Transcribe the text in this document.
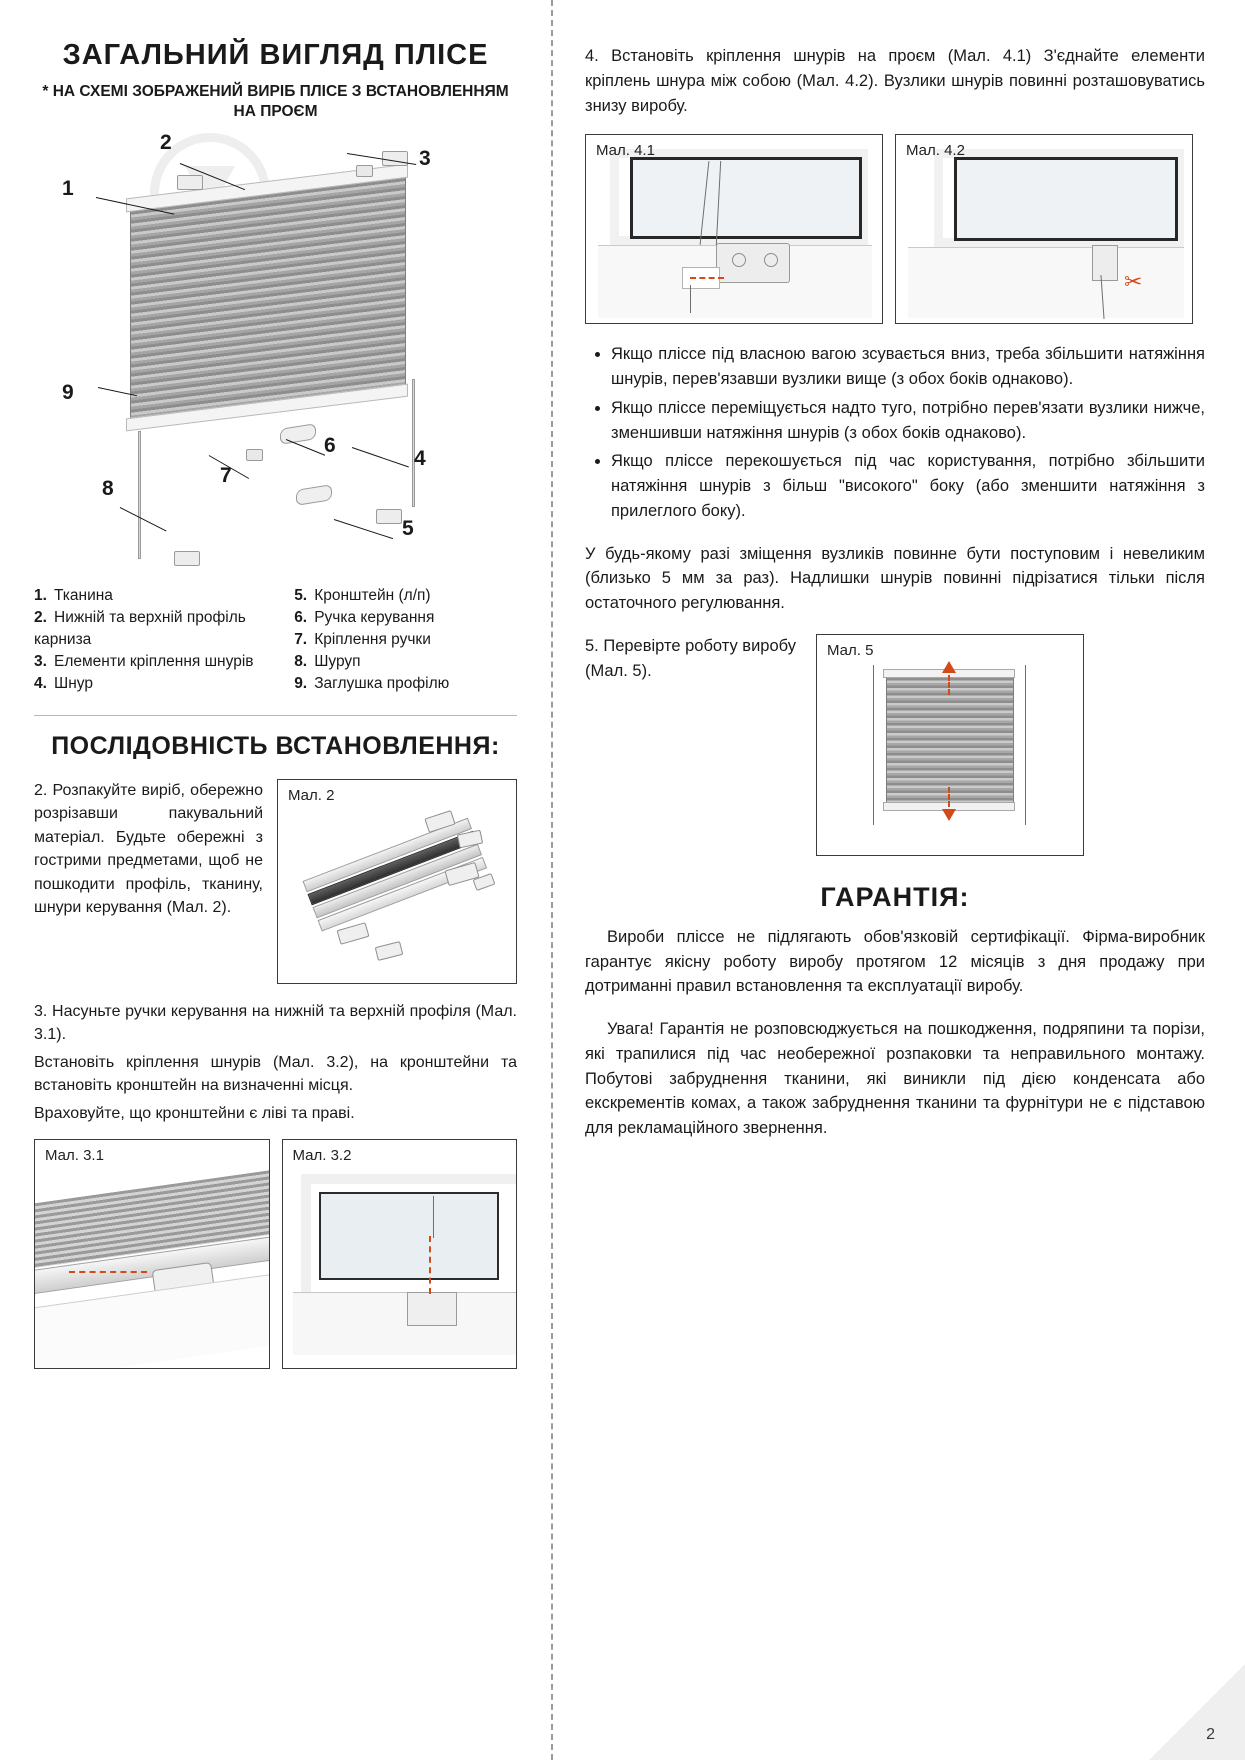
ЗАГАЛЬНИЙ ВИГЛЯД ПЛІСЕ
* НА СХЕМІ ЗОБРАЖЕНИЙ ВИРІБ ПЛІСЕ З ВСТАНОВЛЕННЯМ НА ПРОЄМ
1
2
3
4
5
6
7
8
9
1. Тканина
2. Нижній та верхній профіль карниза
3. Елементи кріплення шнурів
4. Шнур
5. Кронштейн (л/п)
6. Ручка керування
7. Кріплення ручки
8. Шуруп
9. Заглушка профілю
ПОСЛІДОВНІСТЬ ВСТАНОВЛЕННЯ:

2. Розпакуйте виріб, обережно розрізавши пакувальний матеріал. Будьте обережні з гострими предметами, щоб не пошкодити профіль, тканину, шнури керування (Мал. 2).

Мал. 2

3. Насуньте ручки керування на нижній та верхній профіля (Мал. 3.1).

Встановіть кріплення шнурів (Мал. 3.2), на кронштейни та встановіть кронштейн на визначенні місця.

Враховуйте, що кронштейни є ліві та праві.

Мал. 3.1	Мал. 3.2

4. Встановіть кріплення шнурів на проєм (Мал. 4.1) З'єднайте елементи кріплень шнура між собою (Мал. 4.2). Вузлики шнурів повинні розташовуватись знизу виробу.

Мал. 4.1	Мал. 4.2
✂
• Якщо пліссе під власною вагою зсувається вниз, треба збільшити натяжіння шнурів, перев'язавши вузлики вище (з обох боків однаково).
• Якщо пліссе переміщується надто туго, потрібно перев'язати вузлики нижче, зменшивши натяжіння шнурів (з обох боків однаково).
• Якщо пліссе перекошується під час користування, потрібно збільшити натяжіння шнурів з більш "високого" боку (або зменшити натяжіння з прилеглого боку).

У будь-якому разі зміщення вузликів повинне бути поступовим і невеликим (близько 5 мм за раз). Надлишки шнурів повинні підрізатися тільки після остаточного регулювання.

5. Перевірте роботу виробу (Мал. 5).
Мал. 5
ГАРАНТІЯ:

Вироби пліссе не підлягають обов'язковій сертифікації. Фірма-виробник гарантує якісну роботу виробу протягом 12 місяців з дня продажу при дотриманні правил встановлення та експлуатації виробу.

Увага! Гарантія не розповсюджується на пошкодження, подряпини та порізи, які трапилися під час необережної розпаковки та неправильного монтажу. Побутові забруднення тканини, які виникли під дією конденсата або екскрементів комах, а також забруднення тканини та фурнітури не є підставою для рекламаційного звернення.

2
